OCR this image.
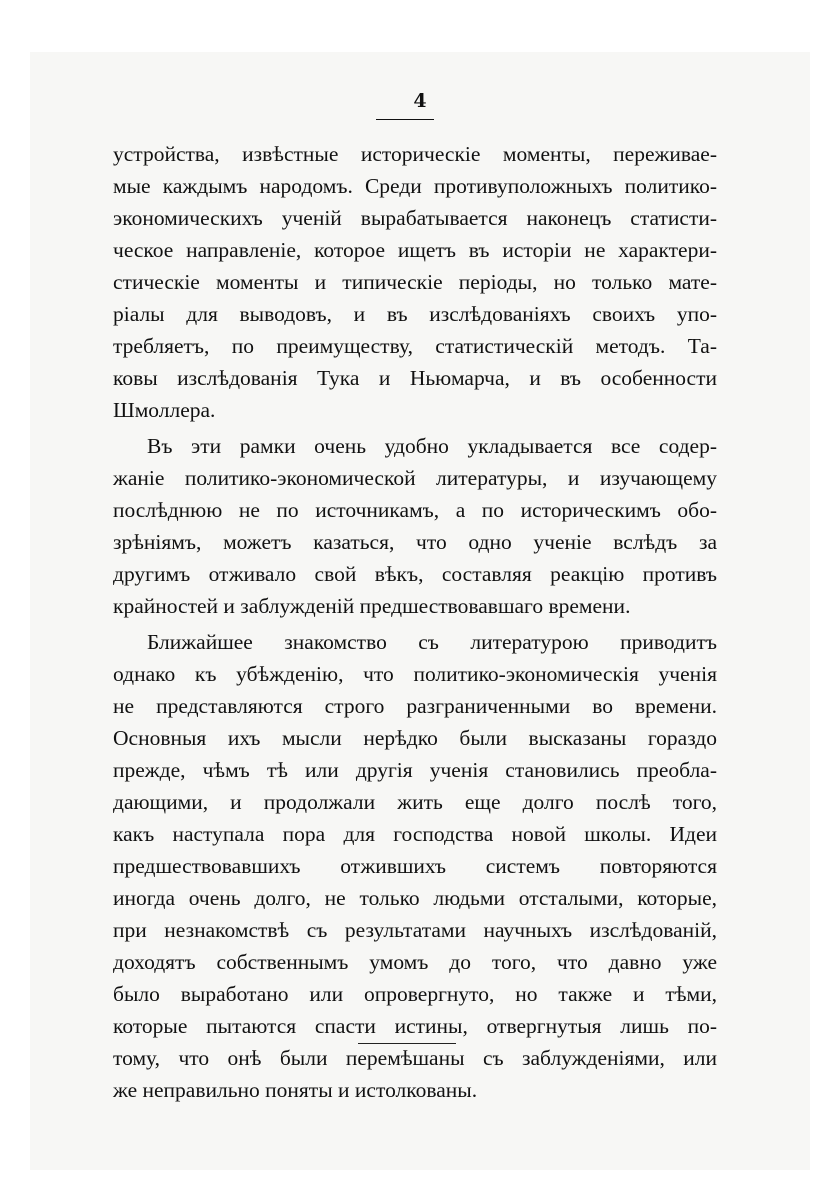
4
устройства, извѣстные историческіе моменты, переживае-
мые каждымъ народомъ. Среди противуположныхъ политико-
экономическихъ ученій вырабатывается наконецъ статисти-
ческое направленіе, которое ищетъ въ исторіи не характери-
стическіе моменты и типическіе періоды, но только мате-
ріалы для выводовъ, и въ изслѣдованіяхъ своихъ упо-
требляетъ, по преимуществу, статистическій методъ. Та-
ковы изслѣдованія Тука и Ньюмарча, и въ особенности
Шмоллера.
Въ эти рамки очень удобно укладывается все содер-
жаніе политико-экономической литературы, и изучающему
послѣднюю не по источникамъ, а по историческимъ обо-
зрѣніямъ, можетъ казаться, что одно ученіе вслѣдъ за
другимъ отживало свой вѣкъ, составляя реакцію противъ
крайностей и заблужденій предшествовавшаго времени.
Ближайшее знакомство съ литературою приводитъ
однако къ убѣжденію, что политико-экономическія ученія
не представляются строго разграниченными во времени.
Основныя ихъ мысли нерѣдко были высказаны гораздо
прежде, чѣмъ тѣ или другія ученія становились преобла-
дающими, и продолжали жить еще долго послѣ того,
какъ наступала пора для господства новой школы. Идеи
предшествовавшихъ отжившихъ системъ повторяются
иногда очень долго, не только людьми отсталыми, которые,
при незнакомствѣ съ результатами научныхъ изслѣдованій,
доходятъ собственнымъ умомъ до того, что давно уже
было выработано или опровергнуто, но также и тѣми,
которые пытаются спасти истины, отвергнутыя лишь по-
тому, что онѣ были перемѣшаны съ заблужденіями, или
же неправильно поняты и истолкованы.
